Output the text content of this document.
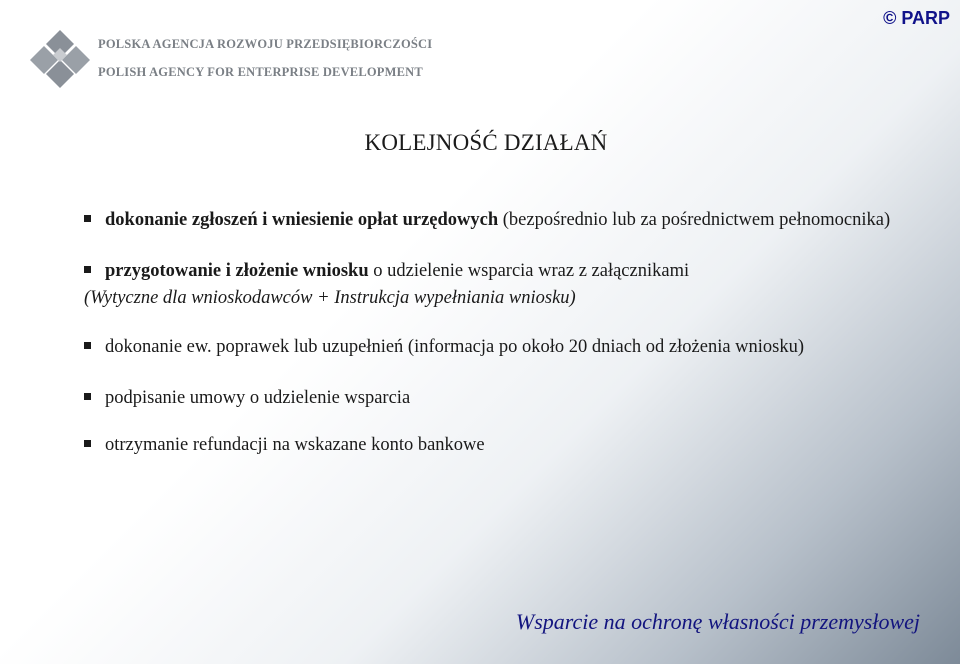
POLSKA AGENCJA ROZWOJU PRZEDSIĘBIORCZOŚCI
POLISH AGENCY FOR ENTERPRISE DEVELOPMENT
© PARP
KOLEJNOŚĆ DZIAŁAŃ
dokonanie zgłoszeń i wniesienie opłat urzędowych (bezpośrednio lub za pośrednictwem pełnomocnika)
przygotowanie i złożenie wniosku o udzielenie wsparcia wraz z załącznikami
(Wytyczne dla wnioskodawców + Instrukcja wypełniania wniosku)
dokonanie ew. poprawek lub uzupełnień (informacja po około 20 dniach od złożenia wniosku)
podpisanie umowy o udzielenie wsparcia
otrzymanie refundacji na wskazane konto bankowe
Wsparcie na ochronę własności przemysłowej
